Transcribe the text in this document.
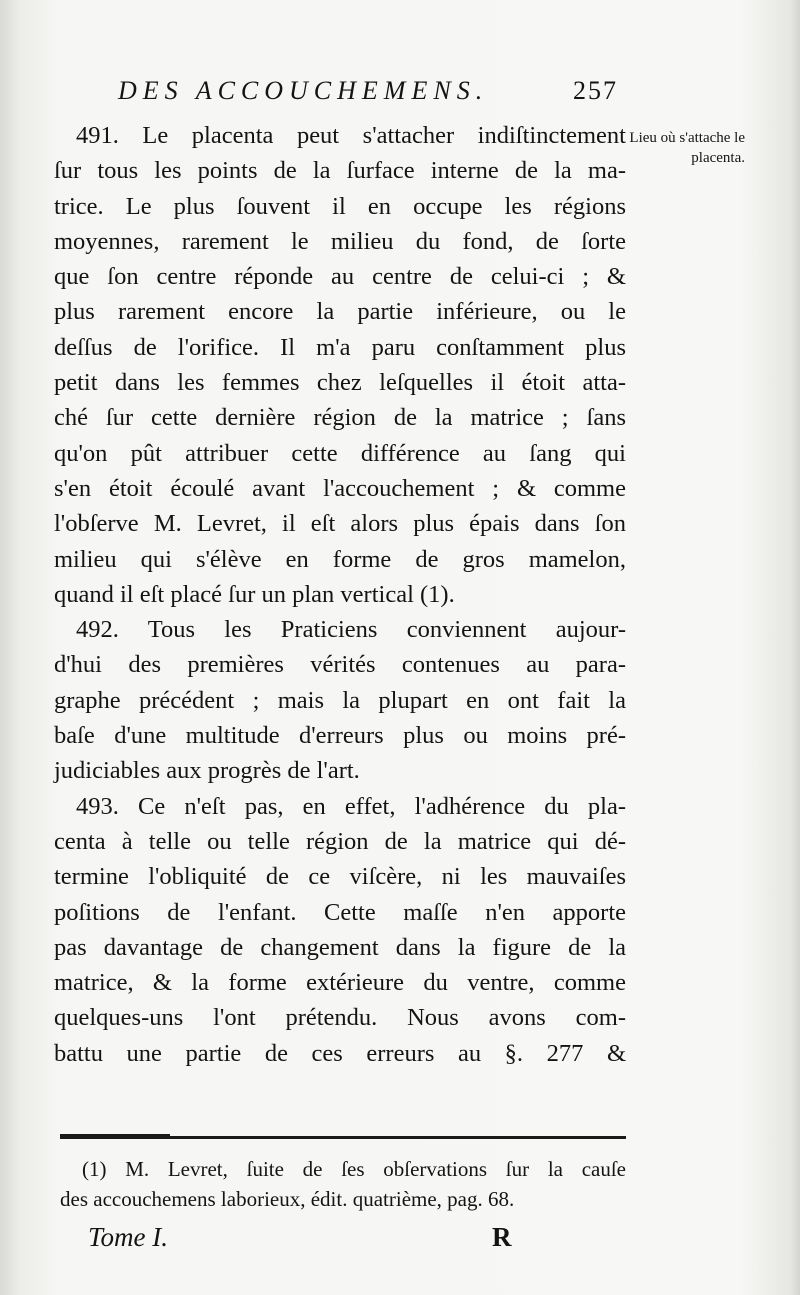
DES ACCOUCHEMENS.	257
Lieu où s'attache le placenta.
491. Le placenta peut s'attacher indiſtinctement
ſur tous les points de la ſurface interne de la ma-
trice. Le plus ſouvent il en occupe les régions
moyennes, rarement le milieu du fond, de ſorte
que ſon centre réponde au centre de celui-ci ; &
plus rarement encore la partie inférieure, ou le
deſſus de l'orifice. Il m'a paru conſtamment plus
petit dans les femmes chez leſquelles il étoit atta-
ché ſur cette dernière région de la matrice ; ſans
qu'on pût attribuer cette différence au ſang qui
s'en étoit écoulé avant l'accouchement ; & comme
l'obſerve M. Levret, il eſt alors plus épais dans ſon
milieu qui s'élève en forme de gros mamelon,
quand il eſt placé ſur un plan vertical (1).
492. Tous les Praticiens conviennent aujour-
d'hui des premières vérités contenues au para-
graphe précédent ; mais la plupart en ont fait la
baſe d'une multitude d'erreurs plus ou moins pré-
judiciables aux progrès de l'art.
493. Ce n'eſt pas, en effet, l'adhérence du pla-
centa à telle ou telle région de la matrice qui dé-
termine l'obliquité de ce viſcère, ni les mauvaiſes
poſitions de l'enfant. Cette maſſe n'en apporte
pas davantage de changement dans la figure de la
matrice, & la forme extérieure du ventre, comme
quelques-uns l'ont prétendu. Nous avons com-
battu une partie de ces erreurs au §. 277 &
(1) M. Levret, ſuite de ſes obſervations ſur la cauſe
des accouchemens laborieux, édit. quatrième, pag. 68.
Tome I.	R
